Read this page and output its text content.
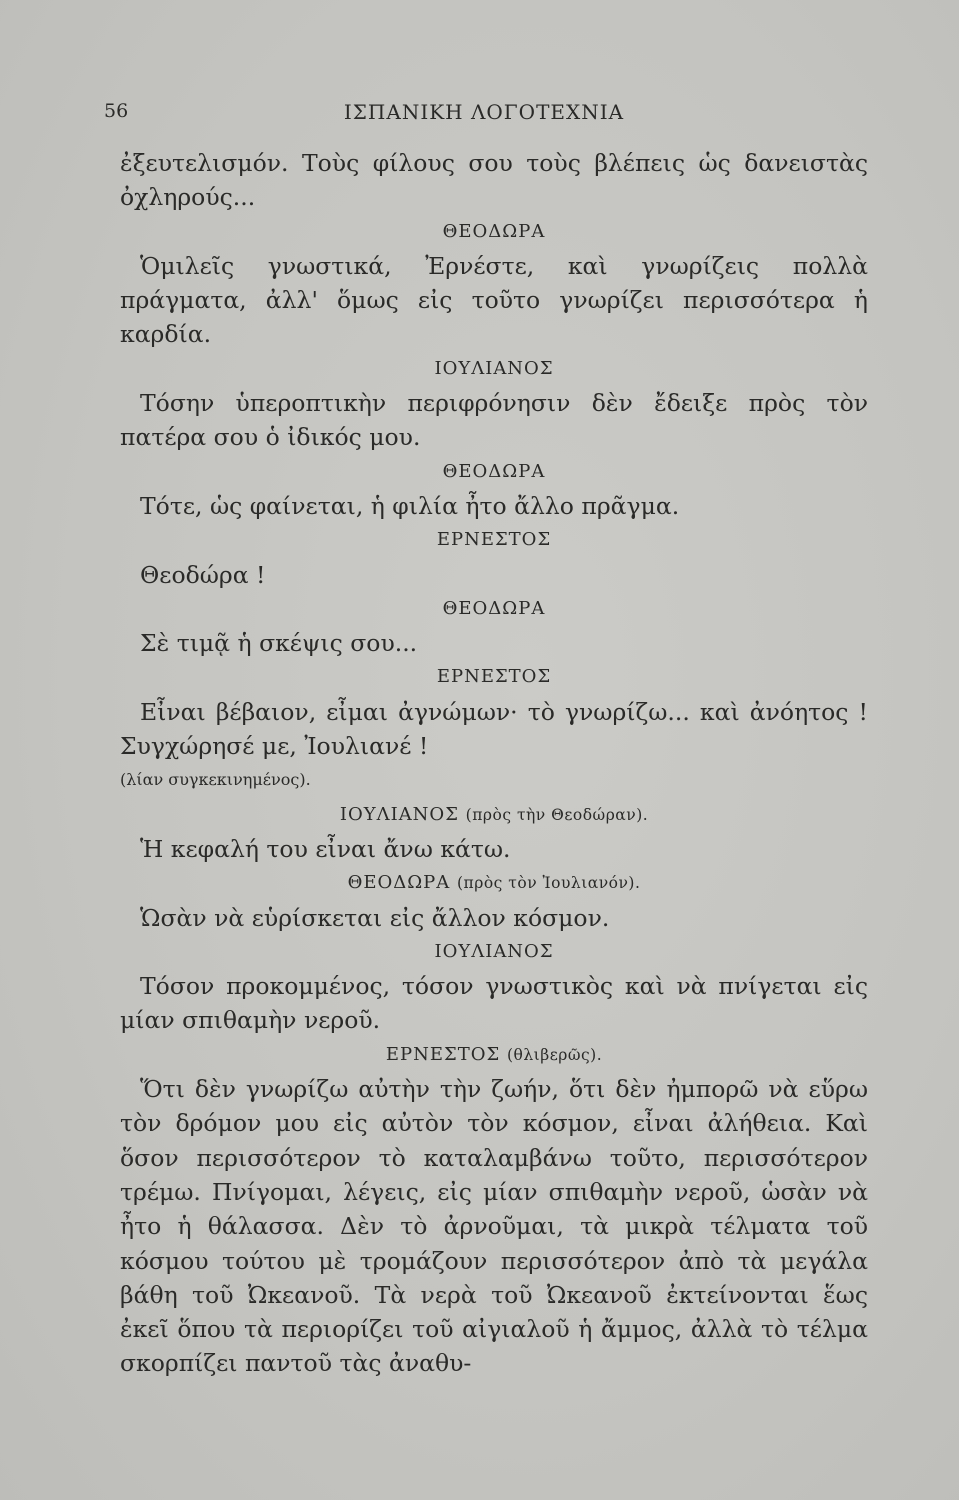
56	ΙΣΠΑΝΙΚΗ ΛΟΓΟΤΕΧΝΙΑ

ἐξευτελισμόν. Τοὺς φίλους σου τοὺς βλέπεις ὡς δανειστὰς ὀχληρούς...

ΘΕΟΔΩΡΑ

Ὁμιλεῖς γνωστικά, Ἐρνέστε, καὶ γνωρίζεις πολλὰ πράγματα, ἀλλ' ὅμως εἰς τοῦτο γνωρίζει περισσότερα ἡ καρδία.

ΙΟΥΛΙΑΝΟΣ

Τόσην ὑπεροπτικὴν περιφρόνησιν δὲν ἔδειξε πρὸς τὸν πατέρα σου ὁ ἰδικός μου.

ΘΕΟΔΩΡΑ

Τότε, ὡς φαίνεται, ἡ φιλία ἦτο ἄλλο πρᾶγμα.

ΕΡΝΕΣΤΟΣ

Θεοδώρα !

ΘΕΟΔΩΡΑ

Σὲ τιμᾷ ἡ σκέψις σου...

ΕΡΝΕΣΤΟΣ

Εἶναι βέβαιον, εἶμαι ἀγνώμων· τὸ γνωρίζω... καὶ ἀνόητος ! Συγχώρησέ με, Ἰουλιανέ !

(λίαν συγκεκινημένος).

ΙΟΥΛΙΑΝΟΣ (πρὸς τὴν Θεοδώραν).

Ἡ κεφαλή του εἶναι ἄνω κάτω.

ΘΕΟΔΩΡΑ (πρὸς τὸν Ἰουλιανόν).

Ὡσὰν νὰ εὑρίσκεται εἰς ἄλλον κόσμον.

ΙΟΥΛΙΑΝΟΣ

Τόσον προκομμένος, τόσον γνωστικὸς καὶ νὰ πνίγεται εἰς μίαν σπιθαμὴν νεροῦ.

ΕΡΝΕΣΤΟΣ (θλιβερῶς).

Ὅτι δὲν γνωρίζω αὐτὴν τὴν ζωήν, ὅτι δὲν ἠμπορῶ νὰ εὕρω τὸν δρόμον μου εἰς αὐτὸν τὸν κόσμον, εἶναι ἀλήθεια. Καὶ ὅσον περισσότερον τὸ καταλαμβάνω τοῦτο, περισσότερον τρέμω. Πνίγομαι, λέγεις, εἰς μίαν σπιθαμὴν νεροῦ, ὡσὰν νὰ ἦτο ἡ θάλασσα. Δὲν τὸ ἀρνοῦμαι, τὰ μικρὰ τέλματα τοῦ κόσμου τούτου μὲ τρομάζουν περισσότερον ἀπὸ τὰ μεγάλα βάθη τοῦ Ὠκεανοῦ. Τὰ νερὰ τοῦ Ὠκεανοῦ ἐκτείνονται ἕως ἐκεῖ ὅπου τὰ περιορίζει τοῦ αἰγιαλοῦ ἡ ἄμμος, ἀλλὰ τὸ τέλμα σκορπίζει παντοῦ τὰς ἀναθυ-
